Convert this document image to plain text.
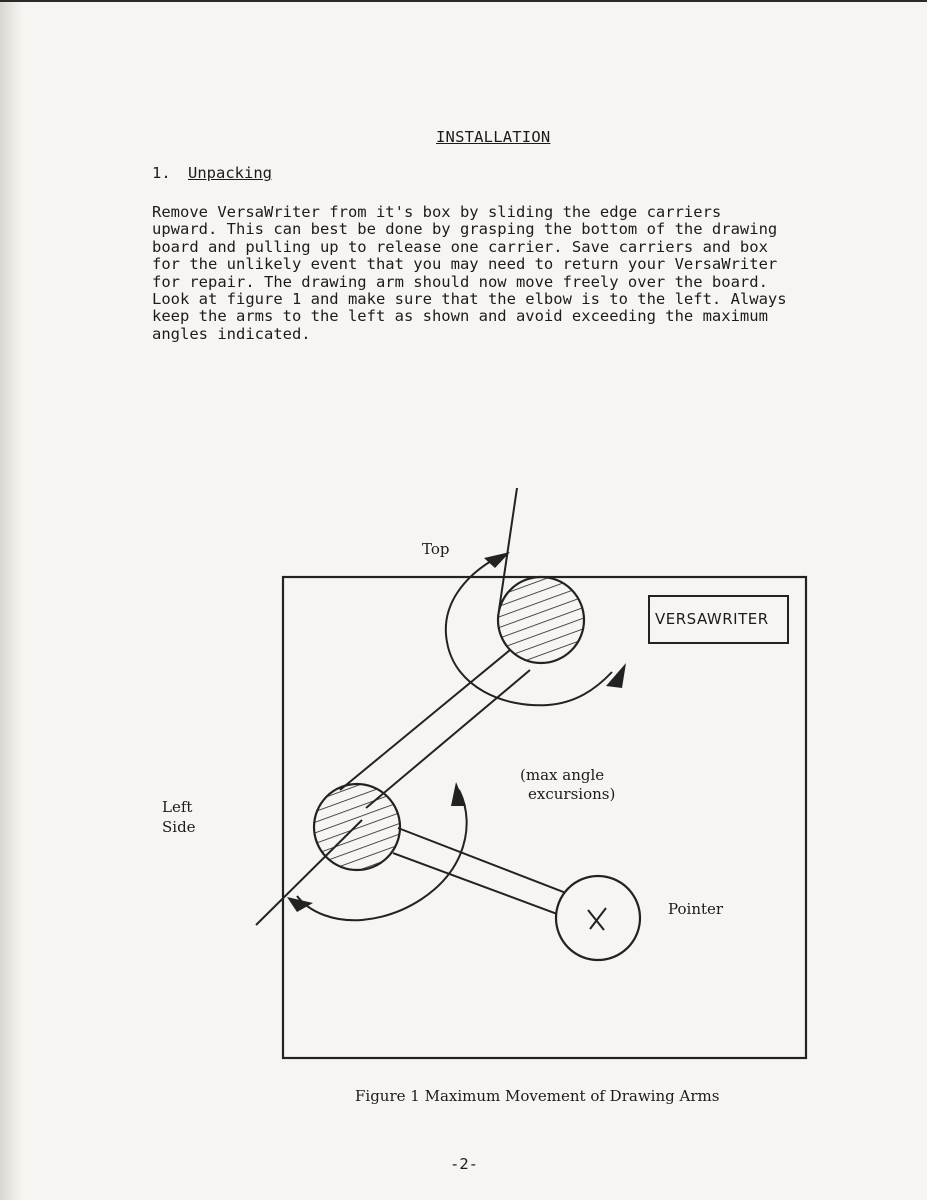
INSTALLATION
1. Unpacking
Remove VersaWriter from it's box by sliding the edge carriers
upward. This can best be done by grasping the bottom of the drawing
board and pulling up to release one carrier. Save carriers and box
for the unlikely event that you may need to return your VersaWriter
for repair. The drawing arm should now move freely over the board.
Look at figure 1 and make sure that the elbow is to the left. Always
keep the arms to the left as shown and avoid exceeding the maximum
angles indicated.
Top
Left
Side
Pointer
(max angle
excursions)
VERSAWRITER
Figure 1 Maximum Movement of Drawing Arms
-2-
